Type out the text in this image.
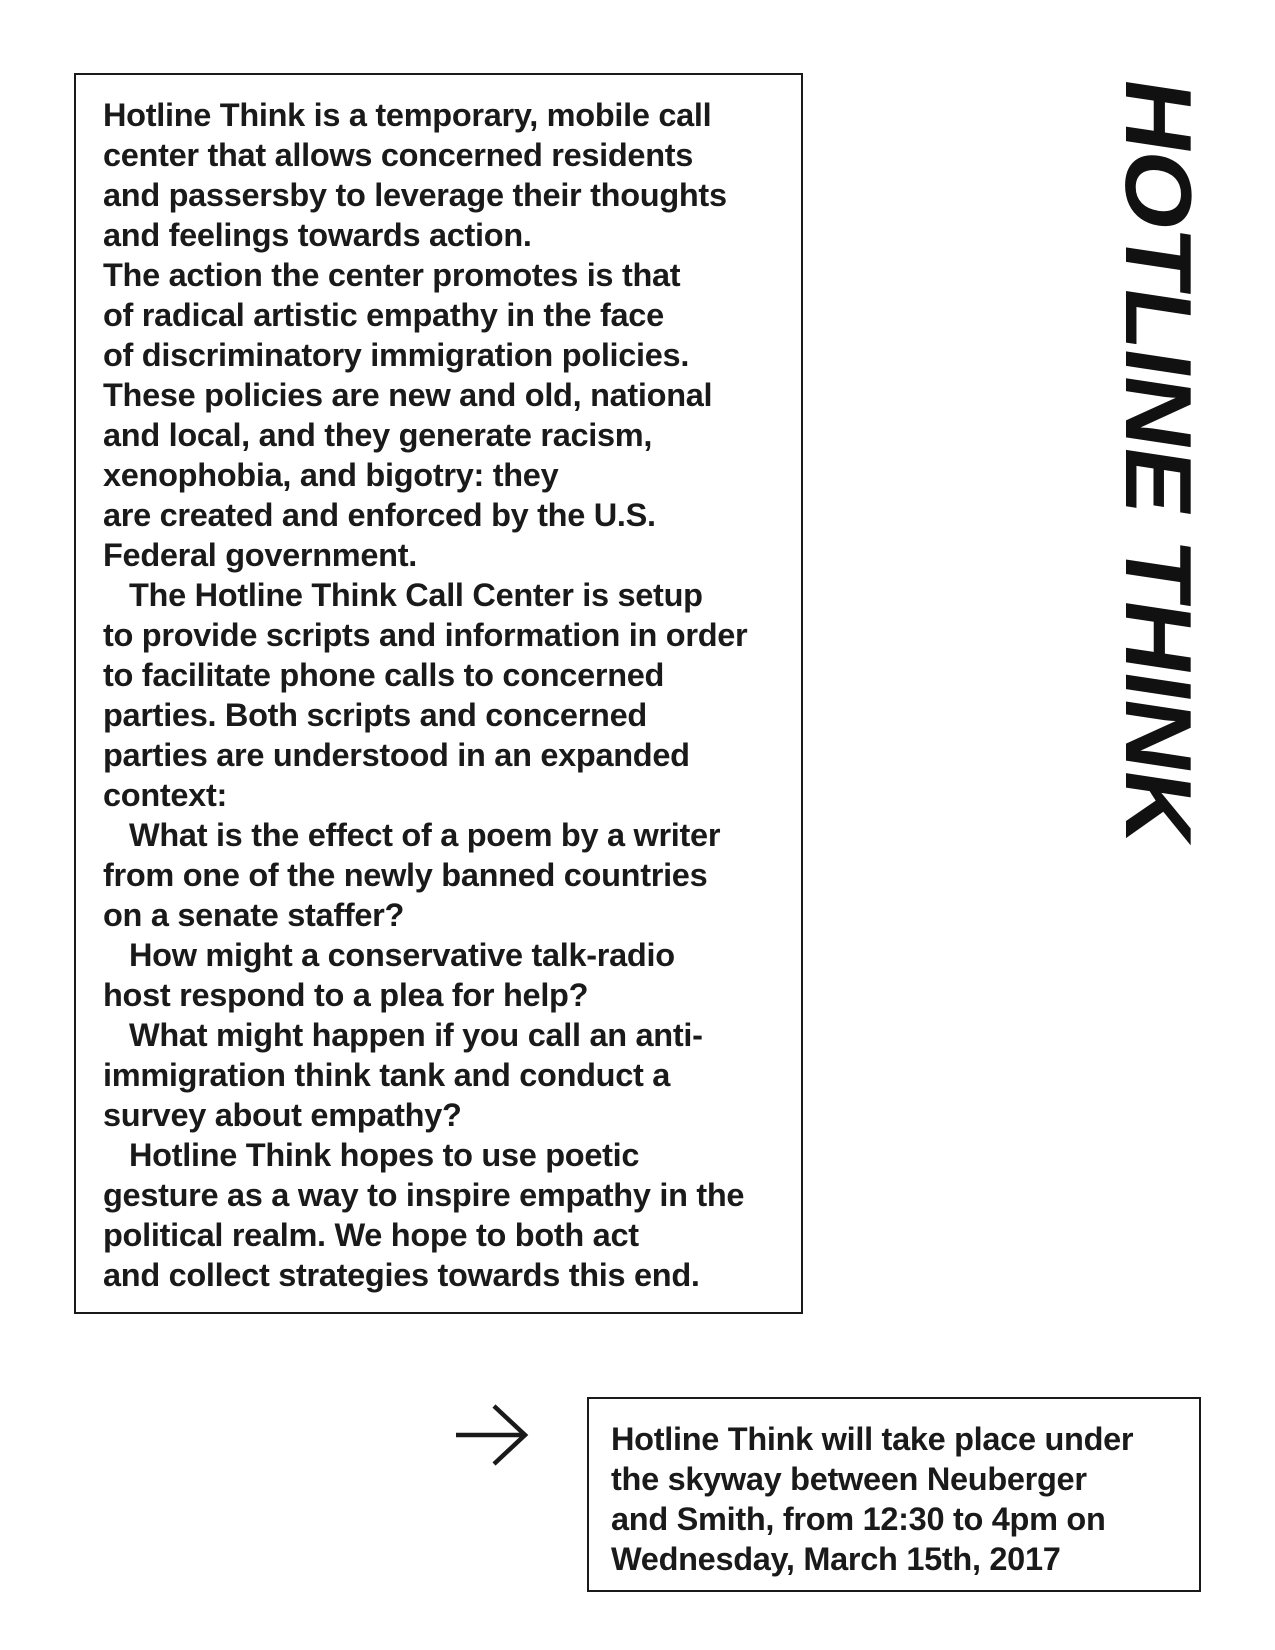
Hotline Think is a temporary, mobile call
center that allows concerned residents
and passersby to leverage their thoughts
and feelings towards action.
The action the center promotes is that
of radical artistic empathy in the face
of discriminatory immigration policies.
These policies are new and old, national
and local, and they generate racism,
xenophobia, and bigotry: they
are created and enforced by the U.S.
Federal government.
The Hotline Think Call Center is setup
to provide scripts and information in order
to facilitate phone calls to concerned
parties. Both scripts and concerned
parties are understood in an expanded
context:
What is the effect of a poem by a writer
from one of the newly banned countries
on a senate staffer?
How might a conservative talk-radio
host respond to a plea for help?
What might happen if you call an anti-
immigration think tank and conduct a
survey about empathy?
Hotline Think hopes to use poetic
gesture as a way to inspire empathy in the
political realm. We hope to both act
and collect strategies towards this end.
HOTLINE THINK
Hotline Think will take place under
the skyway between Neuberger
and Smith, from 12:30 to 4pm on
Wednesday, March 15th, 2017
